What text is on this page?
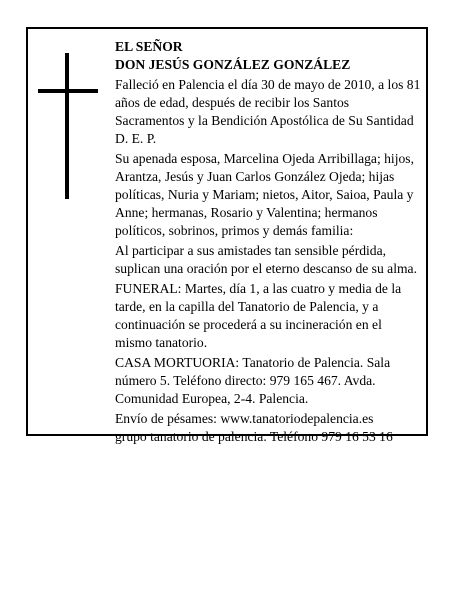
EL SEÑOR
DON JESÚS GONZÁLEZ GONZÁLEZ
Falleció en Palencia el día 30 de mayo de 2010, a los 81
años de edad, después de recibir los Santos
Sacramentos y la Bendición Apostólica de Su Santidad
D. E. P.
Su apenada esposa, Marcelina Ojeda Arribillaga; hijos,
Arantza, Jesús y Juan Carlos González Ojeda; hijas
políticas, Nuria y Mariam; nietos, Aitor, Saioa, Paula y
Anne; hermanas, Rosario y Valentina; hermanos
políticos, sobrinos, primos y demás familia:
Al participar a sus amistades tan sensible pérdida,
suplican una oración por el eterno descanso de su alma.
FUNERAL: Martes, día 1, a las cuatro y media de la
tarde, en la capilla del Tanatorio de Palencia, y a
continuación se procederá a su incineración en el
mismo tanatorio.
CASA MORTUORIA: Tanatorio de Palencia. Sala
número 5. Teléfono directo: 979 165 467. Avda.
Comunidad Europea, 2-4. Palencia.
Envío de pésames: www.tanatoriodepalencia.es
grupo tanatorio de palencia. Teléfono 979 16 53 16
